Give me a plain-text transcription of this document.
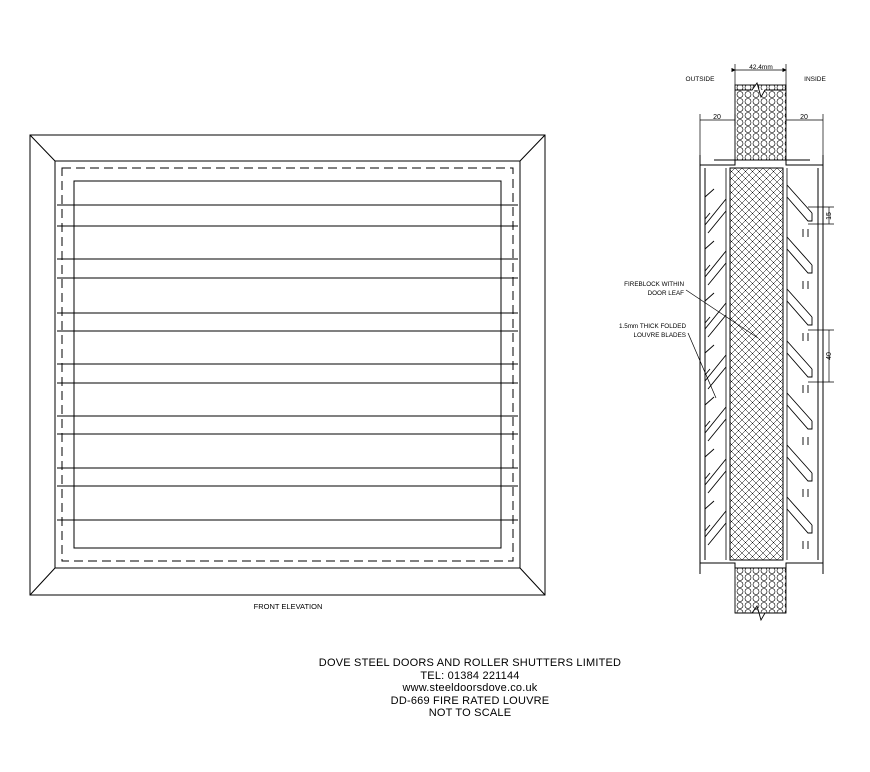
FRONT ELEVATION
42.4mm
OUTSIDE	INSIDE
20	20
15
40
FIREBLOCK WITHIN
DOOR LEAF
1.5mm THICK FOLDED
LOUVRE BLADES
DOVE STEEL DOORS AND ROLLER SHUTTERS LIMITED
TEL: 01384 221144
www.steeldoorsdove.co.uk
DD-669 FIRE RATED LOUVRE
NOT TO SCALE
